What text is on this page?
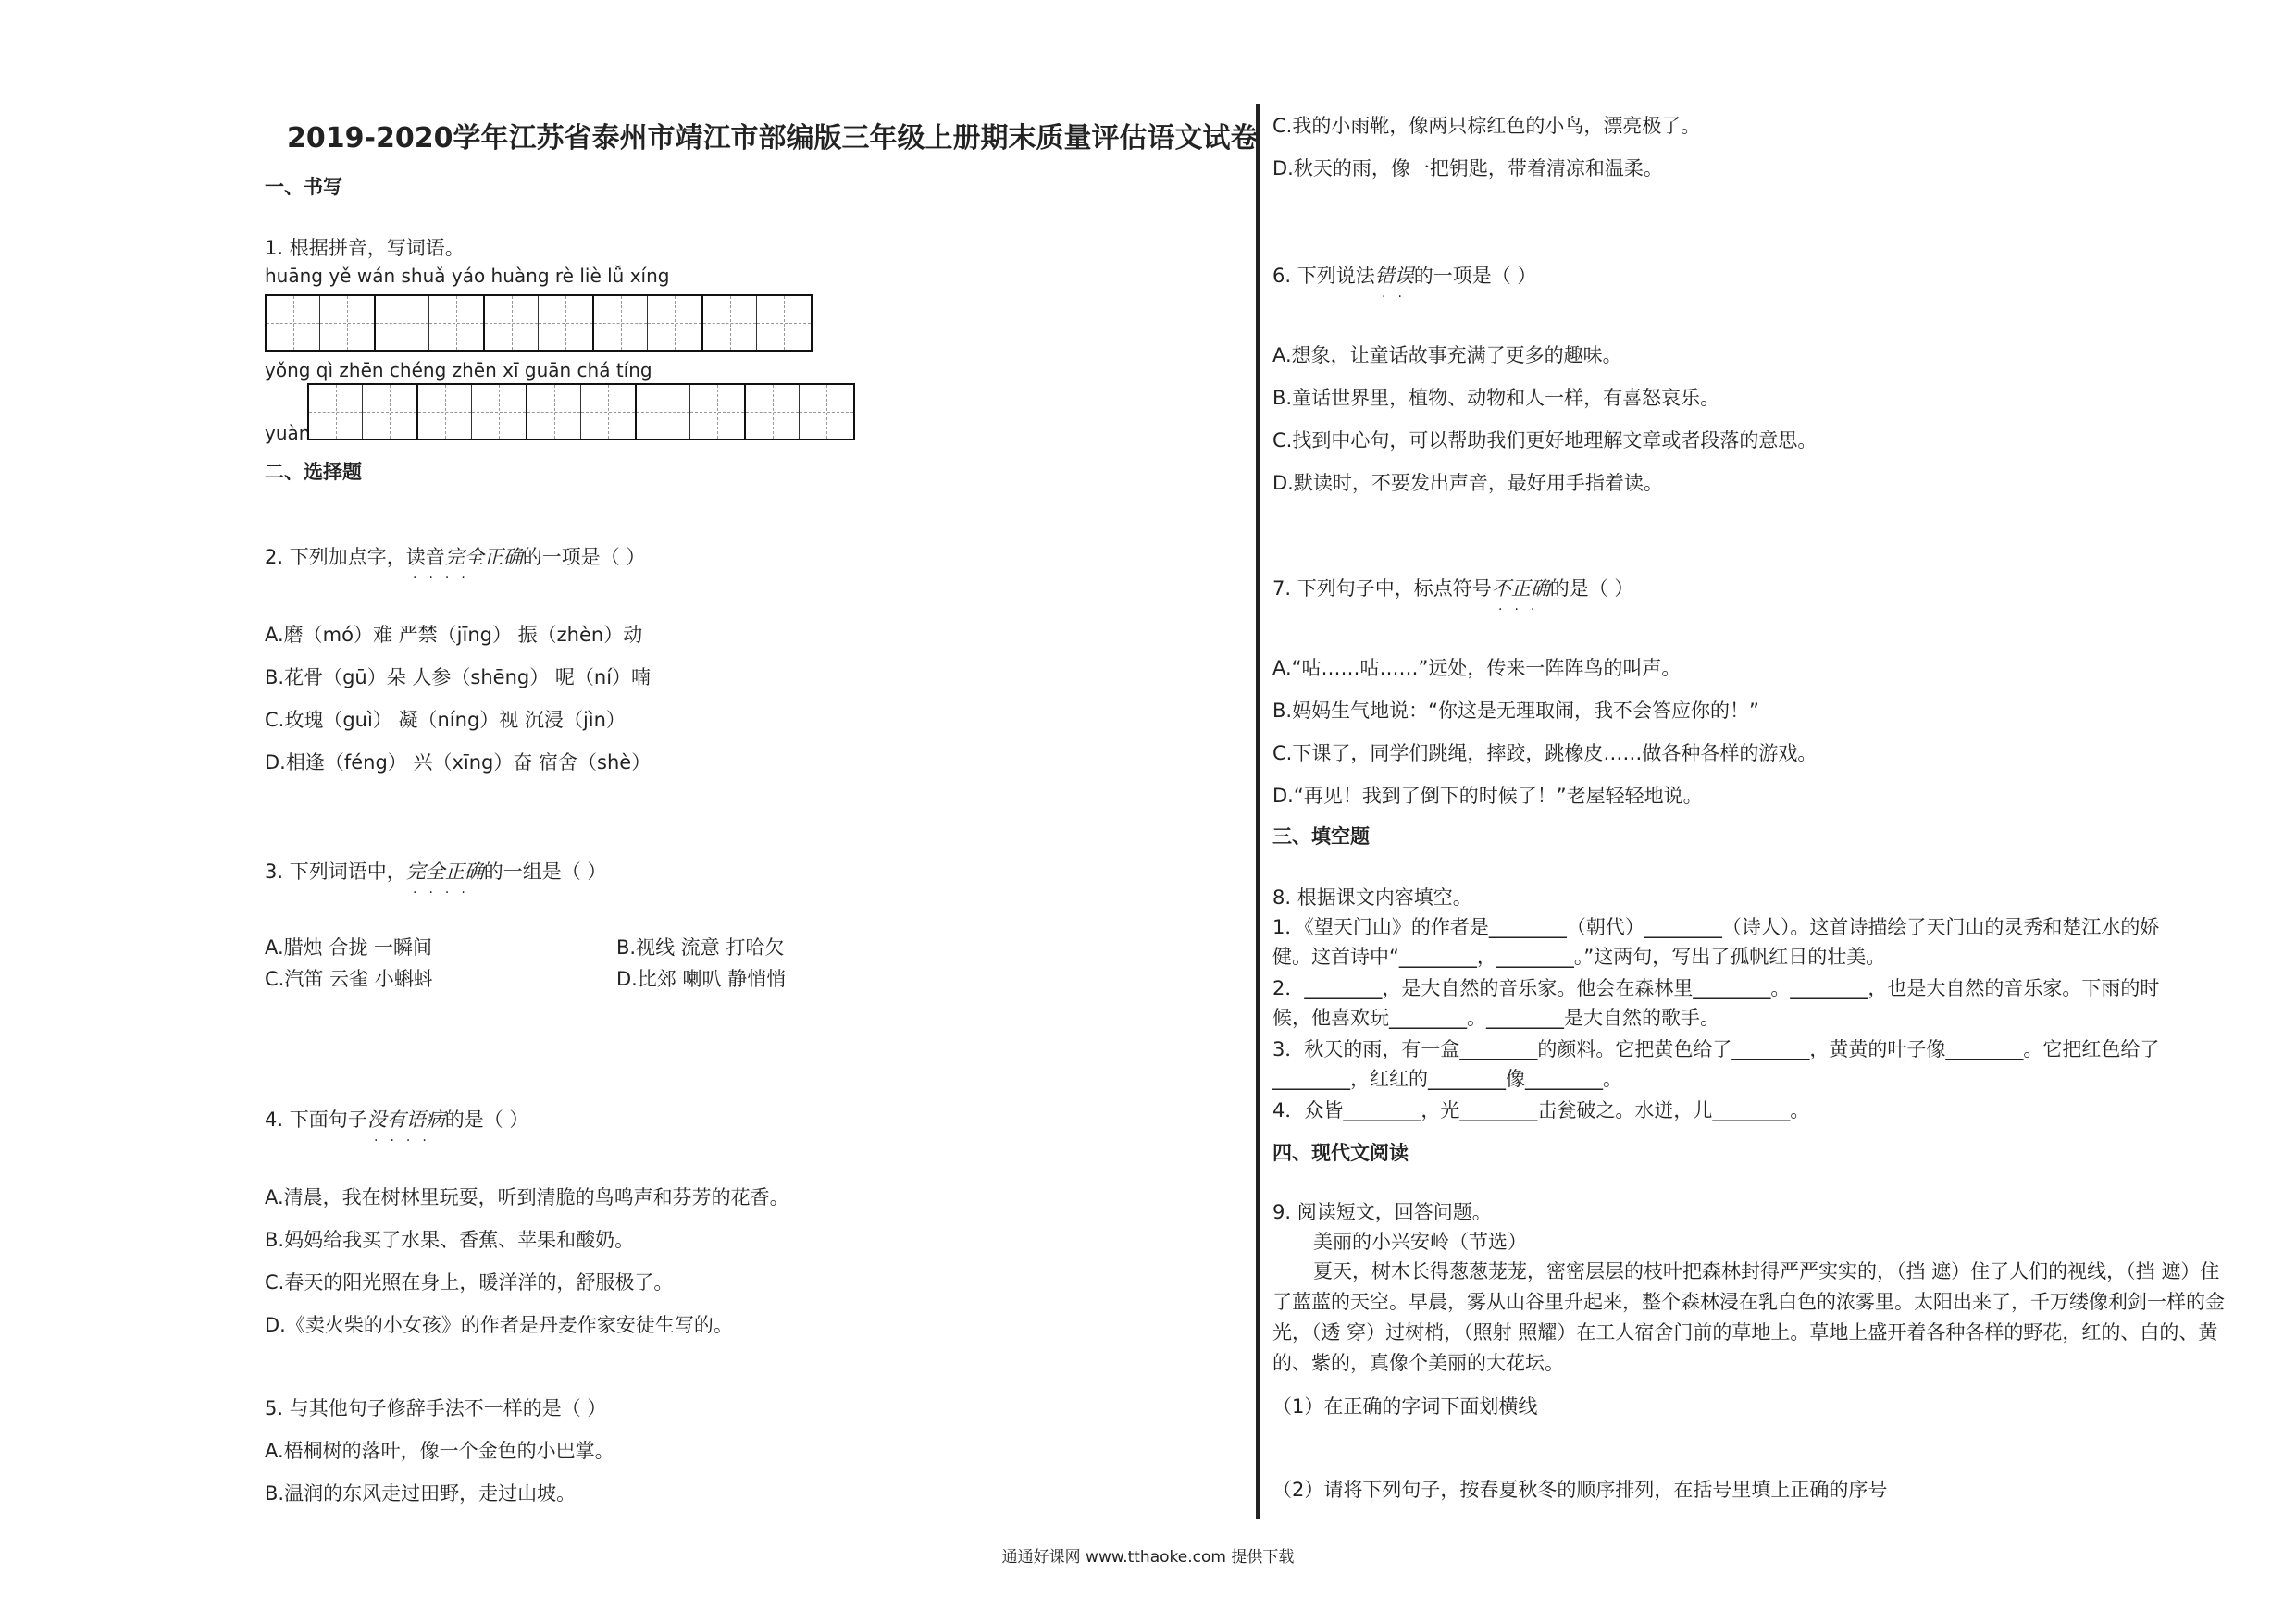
2019-2020学年江苏省泰州市靖江市部编版三年级上册期末质量评估语文试卷
一、书写
1. 根据拼音，写词语。
huāng yě wán shuǎ yáo huàng rè liè lǚ xíng
yǒng qì zhēn chéng zhēn xī guān chá tíng
yuàn
二、选择题
2. 下列加点字，读音完全正确的一项是（ ）
····
A.磨（mó）难 严禁（jīng） 振（zhèn）动
B.花骨（gū）朵 人参（shēng） 呢（ní）喃
C.玫瑰（guì） 凝（níng）视 沉浸（jìn）
D.相逢（féng） 兴（xīng）奋 宿舍（shè）
3. 下列词语中，完全正确的一组是（ ）
····
A.腊烛 合拢 一瞬间	B.视线 流意 打哈欠
C.汽笛 云雀 小蝌蚪	D.比郊 喇叭 静悄悄
4. 下面句子没有语病的是（ ）
····
A.清晨，我在树林里玩耍，听到清脆的鸟鸣声和芬芳的花香。
B.妈妈给我买了水果、香蕉、苹果和酸奶。
C.春天的阳光照在身上，暖洋洋的，舒服极了。
D.《卖火柴的小女孩》的作者是丹麦作家安徒生写的。
5. 与其他句子修辞手法不一样的是（ ）
A.梧桐树的落叶，像一个金色的小巴掌。
B.温润的东风走过田野，走过山坡。
C.我的小雨靴，像两只棕红色的小鸟，漂亮极了。
D.秋天的雨，像一把钥匙，带着清凉和温柔。
6. 下列说法错误的一项是（ ）
··
A.想象，让童话故事充满了更多的趣味。
B.童话世界里，植物、动物和人一样，有喜怒哀乐。
C.找到中心句，可以帮助我们更好地理解文章或者段落的意思。
D.默读时，不要发出声音，最好用手指着读。
7. 下列句子中，标点符号不正确的是（ ）
···
A.“咕……咕……”远处，传来一阵阵鸟的叫声。
B.妈妈生气地说：“你这是无理取闹，我不会答应你的！”
C.下课了，同学们跳绳，摔跤，跳橡皮……做各种各样的游戏。
D.“再见！我到了倒下的时候了！”老屋轻轻地说。
三、填空题
8. 根据课文内容填空。
1．《望天门山》的作者是________（朝代）________（诗人）。这首诗描绘了天门山的灵秀和楚江水的娇
健。这首诗中“________，________。”这两句，写出了孤帆红日的壮美。
2．________，是大自然的音乐家。他会在森林里________。________，也是大自然的音乐家。下雨的时
候，他喜欢玩________。________是大自然的歌手。
3．秋天的雨，有一盒________的颜料。它把黄色给了________，黄黄的叶子像________。它把红色给了
________，红红的________像________。
4．众皆________，光________击瓮破之。水迸，儿________。
四、现代文阅读
9. 阅读短文，回答问题。
美丽的小兴安岭（节选）
夏天，树木长得葱葱茏茏，密密层层的枝叶把森林封得严严实实的，（挡 遮）住了人们的视线，（挡 遮）住了蓝蓝的天空。早晨，雾从山谷里升起来，整个森林浸在乳白色的浓雾里。太阳出来了，千万缕像利剑一样的金光，（透 穿）过树梢，（照射 照耀）在工人宿舍门前的草地上。草地上盛开着各种各样的野花，红的、白的、黄的、紫的，真像个美丽的大花坛。
（1）在正确的字词下面划横线
（2）请将下列句子，按春夏秋冬的顺序排列，在括号里填上正确的序号
通通好课网 www.tthaoke.com 提供下载
